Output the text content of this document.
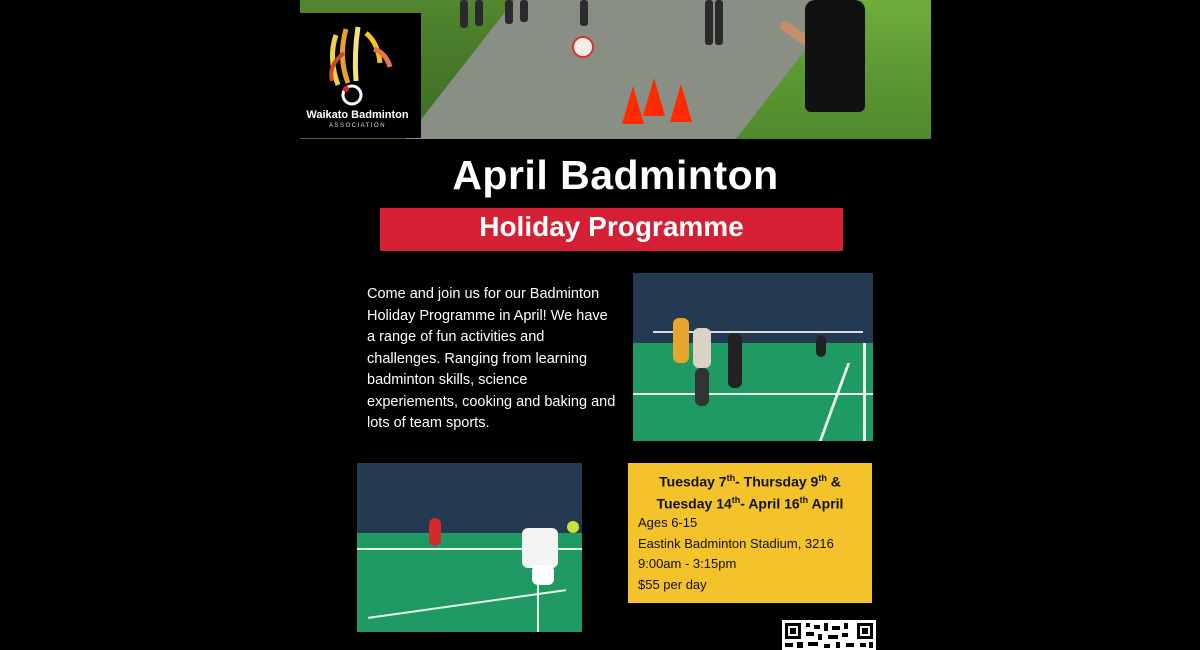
Waikato Badminton
ASSOCIATION
April Badminton
Holiday Programme
Come and join us for our Badminton Holiday Programme in April! We have a range of fun activities and challenges. Ranging from learning badminton skills, science experiements, cooking and baking and lots of team sports.
Tuesday 7th- Thursday 9th &
Tuesday 14th- April 16th April
Ages 6-15
Eastink Badminton Stadium, 3216
9:00am - 3:15pm
$55 per day
